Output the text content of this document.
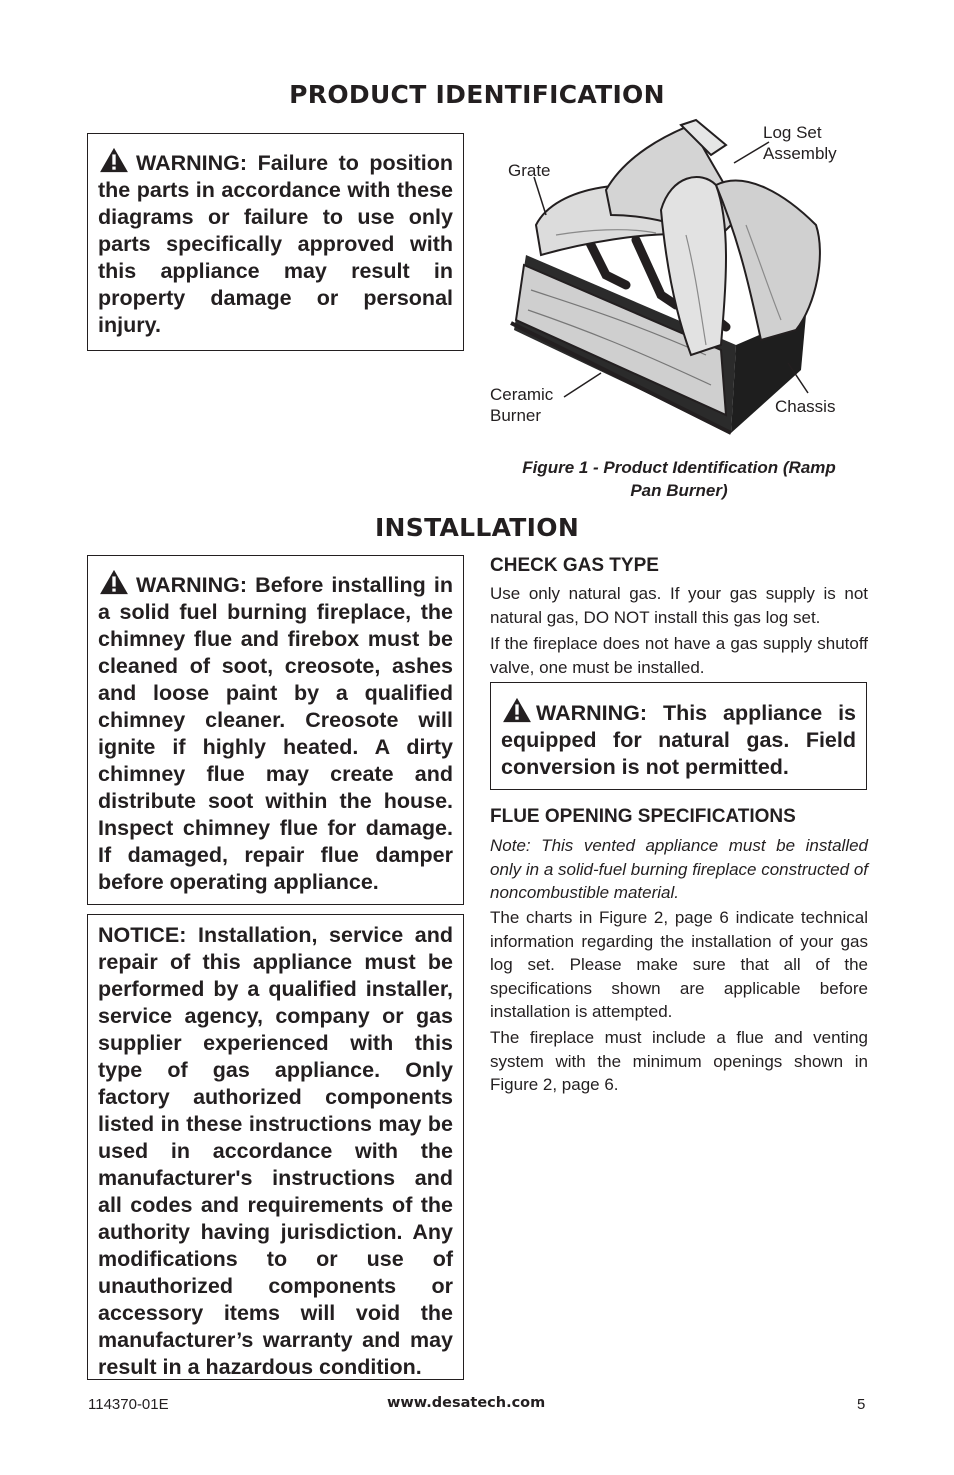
PRODUCT IDENTIFICATION
INSTALLATION
WARNING: Failure to position the parts in accordance with these diagrams or failure to use only parts specifically approved with this appliance may result in property damage or personal injury.
Grate
Log Set
Assembly
Ceramic
Burner	Chassis
Figure 1 - Product Identification (Ramp
Pan Burner)
WARNING: Before installing in a solid fuel burning fireplace, the chimney flue and firebox must be cleaned of soot, creosote, ashes and loose paint by a qualified chimney cleaner. Creosote will ignite if highly heated. A dirty chimney flue may create and distribute soot within the house. Inspect chimney flue for damage. If damaged, repair flue damper before operating appliance.
NOTICE: Installation, service and repair of this appliance must be performed by a qualified installer, service agency, company or gas supplier experienced with this type of gas appliance. Only factory authorized components listed in these instructions may be used in accordance with the manufacturer's instructions and all codes and requirements of the authority having jurisdiction. Any modifications to or use of unauthorized components or accessory items will void the manufacturer’s warranty and may result in a hazardous condition.
CHECK GAS TYPE

Use only natural gas. If your gas supply is not natural gas, DO NOT install this gas log set.

If the fireplace does not have a gas supply shutoff valve, one must be installed.

WARNING: This appliance is equipped for natural gas. Field conversion is not permitted.
FLUE OPENING SPECIFICATIONS

Note: This vented appliance must be installed only in a solid-fuel burning fireplace constructed of noncombustible material.

The charts in Figure 2, page 6 indicate technical information regarding the installation of your gas log set. Please make sure that all of the specifications shown are applicable before installation is attempted.

The fireplace must include a flue and venting system with the minimum openings shown in Figure 2, page 6.

114370-01E	www.desatech.com	5
